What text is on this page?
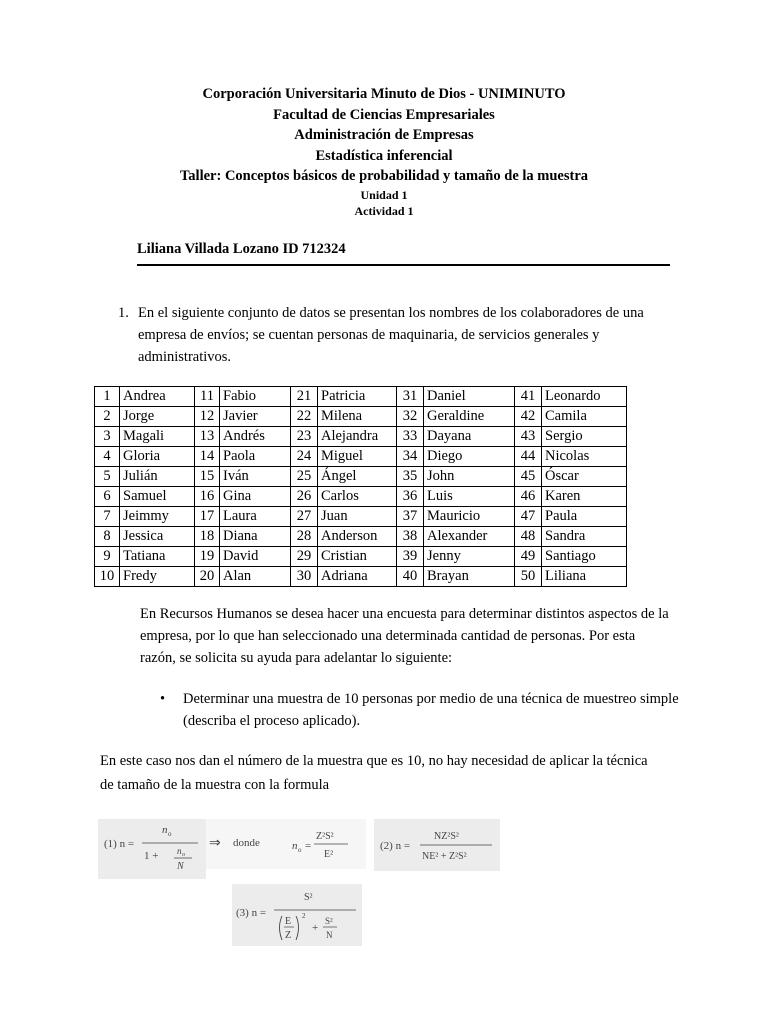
Corporación Universitaria Minuto de Dios - UNIMINUTO
Facultad de Ciencias Empresariales
Administración de Empresas
Estadística inferencial
Taller: Conceptos básicos de probabilidad y tamaño de la muestra
Unidad 1
Actividad 1
Liliana Villada Lozano ID 712324
1. En el siguiente conjunto de datos se presentan los nombres de los colaboradores de una empresa de envíos; se cuentan personas de maquinaria, de servicios generales y administrativos.
1	Andrea	11	Fabio	21	Patricia	31	Daniel	41	Leonardo
2	Jorge	12	Javier	22	Milena	32	Geraldine	42	Camila
3	Magali	13	Andrés	23	Alejandra	33	Dayana	43	Sergio
4	Gloria	14	Paola	24	Miguel	34	Diego	44	Nicolas
5	Julián	15	Iván	25	Ángel	35	John	45	Óscar
6	Samuel	16	Gina	26	Carlos	36	Luis	46	Karen
7	Jeimmy	17	Laura	27	Juan	37	Mauricio	47	Paula
8	Jessica	18	Diana	28	Anderson	38	Alexander	48	Sandra
9	Tatiana	19	David	29	Cristian	39	Jenny	49	Santiago
10	Fredy	20	Alan	30	Adriana	40	Brayan	50	Liliana
En Recursos Humanos se desea hacer una encuesta para determinar distintos aspectos de la empresa, por lo que han seleccionado una determinada cantidad de personas. Por esta razón, se solicita su ayuda para adelantar lo siguiente:
• Determinar una muestra de 10 personas por medio de una técnica de muestreo simple (describa el proceso aplicado).
En este caso nos dan el número de la muestra que es 10, no hay necesidad de aplicar la técnica de tamaño de la muestra con la formula
(1) n =
n o
1 + n o
N
⇒ donde	n o =
Z²S²
E²
(2) n =
NZ²S²
NE² + Z²S²
(3) n =
S²
E
Z
2
+
S²
N
